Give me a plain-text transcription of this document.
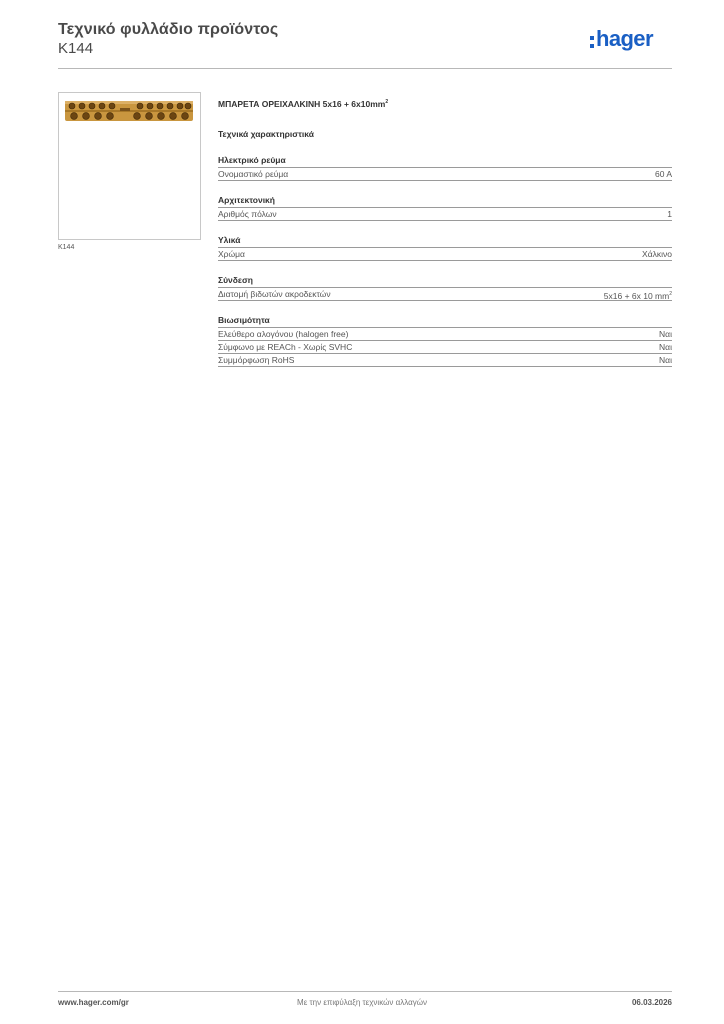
Τεχνικό φυλλάδιο προϊόντος
K144	hager
K144
ΜΠΑΡΕΤΑ ΟΡΕΙΧΑΛΚΙΝΗ $5x16 + 6x10mm^2$
Τεχνικά χαρακτηριστικά
Ηλεκτρικό ρεύμα
Ονομαστικό ρεύμα	60 A
Αρχιτεκτονική
Αριθμός πόλων	1
Υλικά
Χρώμα	Χάλκινο
Σύνδεση
Διατομή βιδωτών ακροδεκτών	5x16 + 6x 10 $mm^2$
Βιωσιμότητα
Ελεύθερο αλογόνου (halogen free)	Ναι
Σύμφωνο με REACh - Χωρίς SVHC	Ναι
Συμμόρφωση RoHS	Ναι
www.hager.com/gr	Με την επιφύλαξη τεχνικών αλλαγών	06.03.2026
